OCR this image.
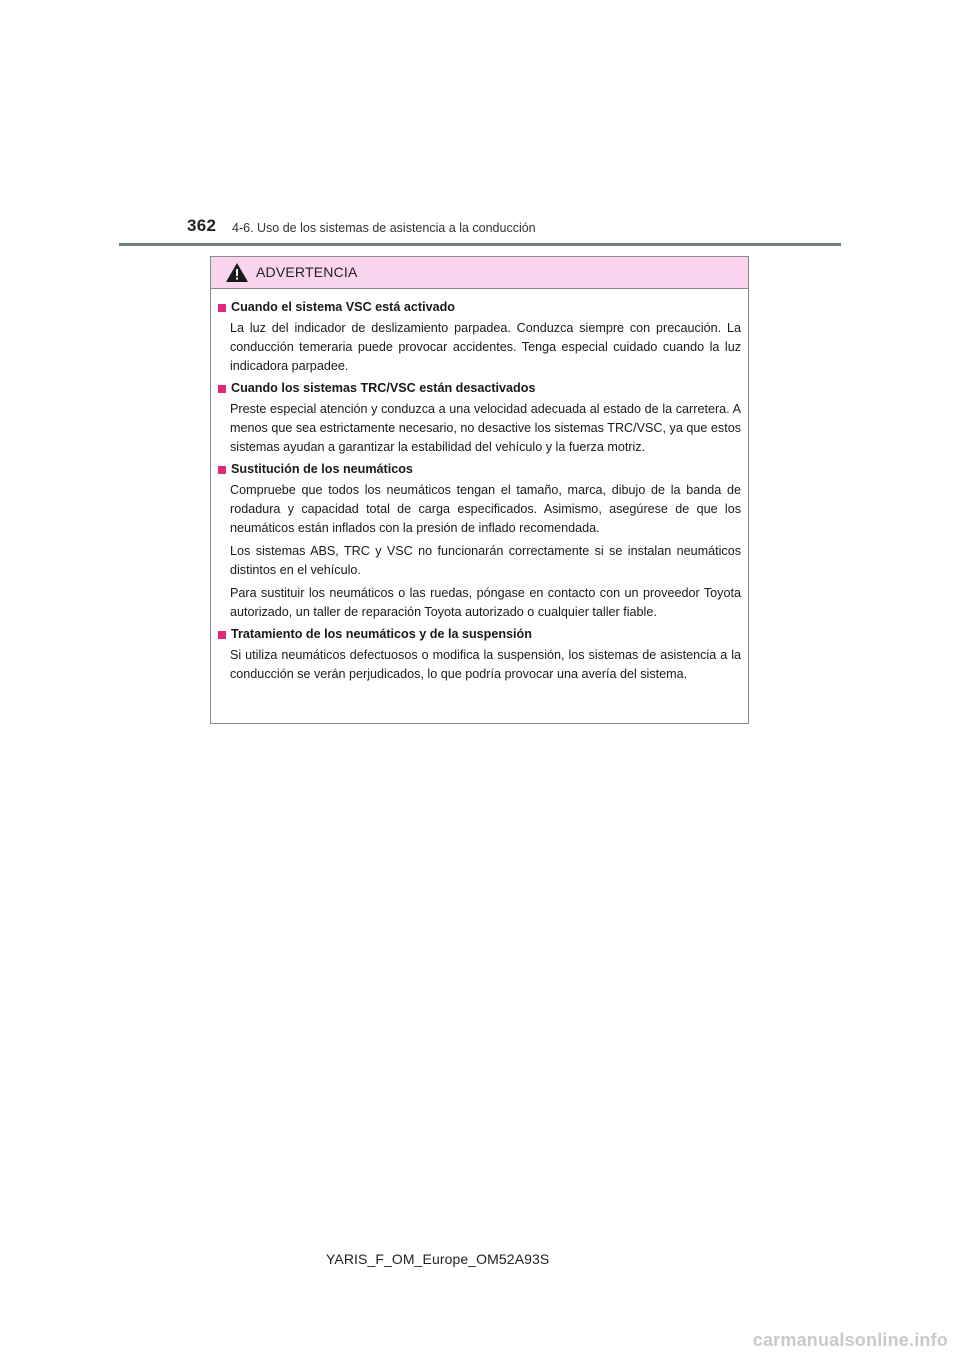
362 4-6. Uso de los sistemas de asistencia a la conducción
ADVERTENCIA
Cuando el sistema VSC está activado

La luz del indicador de deslizamiento parpadea. Conduzca siempre con precaución. La conducción temeraria puede provocar accidentes. Tenga especial cuidado cuando la luz indicadora parpadee.

Cuando los sistemas TRC/VSC están desactivados

Preste especial atención y conduzca a una velocidad adecuada al estado de la carretera. A menos que sea estrictamente necesario, no desactive los sistemas TRC/VSC, ya que estos sistemas ayudan a garantizar la estabilidad del vehículo y la fuerza motriz.

Sustitución de los neumáticos

Compruebe que todos los neumáticos tengan el tamaño, marca, dibujo de la banda de rodadura y capacidad total de carga especificados. Asimismo, asegúrese de que los neumáticos están inflados con la presión de inflado recomendada.

Los sistemas ABS, TRC y VSC no funcionarán correctamente si se instalan neumáticos distintos en el vehículo.

Para sustituir los neumáticos o las ruedas, póngase en contacto con un proveedor Toyota autorizado, un taller de reparación Toyota autorizado o cualquier taller fiable.

Tratamiento de los neumáticos y de la suspensión

Si utiliza neumáticos defectuosos o modifica la suspensión, los sistemas de asistencia a la conducción se verán perjudicados, lo que podría provocar una avería del sistema.

YARIS_F_OM_Europe_OM52A93S
carmanualsonline.info
